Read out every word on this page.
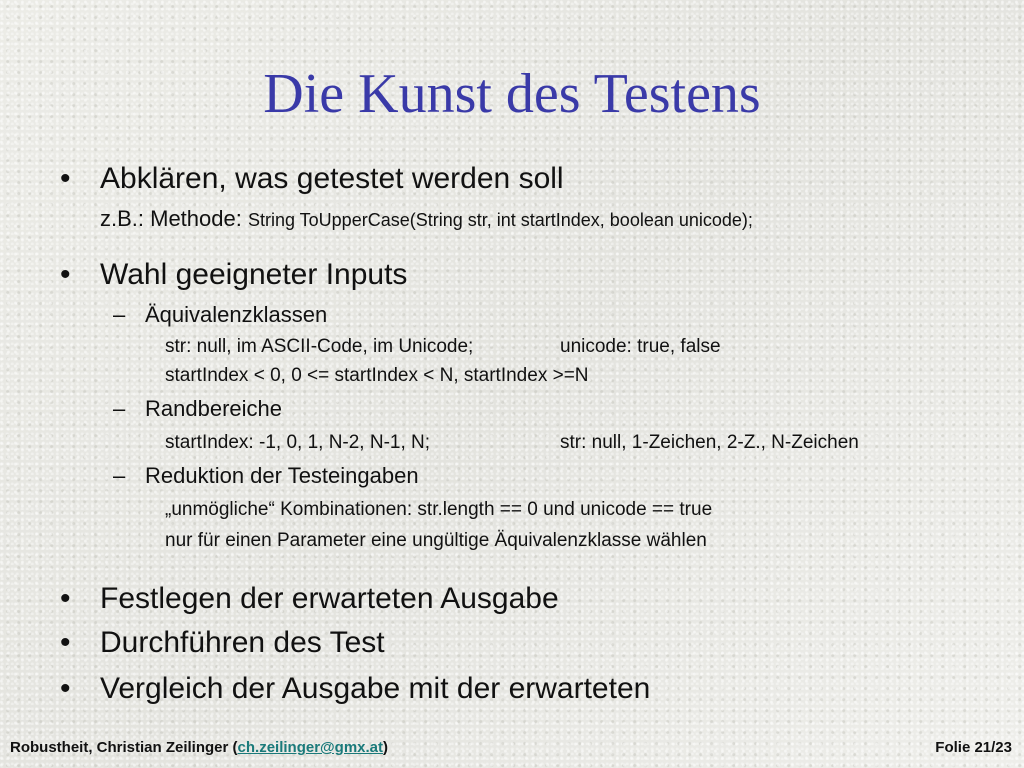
Die Kunst des Testens
• Abklären, was getestet werden soll
z.B.: Methode: String ToUpperCase(String str, int startIndex, boolean unicode);
• Wahl geeigneter Inputs
– Äquivalenzklassen
str: null, im ASCII-Code, im Unicode;	unicode: true, false
startIndex < 0, 0 <= startIndex < N, startIndex >=N
– Randbereiche
startIndex: -1, 0, 1, N-2, N-1, N;	str: null, 1-Zeichen, 2-Z., N-Zeichen
– Reduktion der Testeingaben
„unmögliche“ Kombinationen: str.length == 0 und unicode == true
nur für einen Parameter eine ungültige Äquivalenzklasse wählen
• Festlegen der erwarteten Ausgabe
• Durchführen des Test
• Vergleich der Ausgabe mit der erwarteten
Robustheit, Christian Zeilinger (ch.zeilinger@gmx.at)	Folie 21/23
